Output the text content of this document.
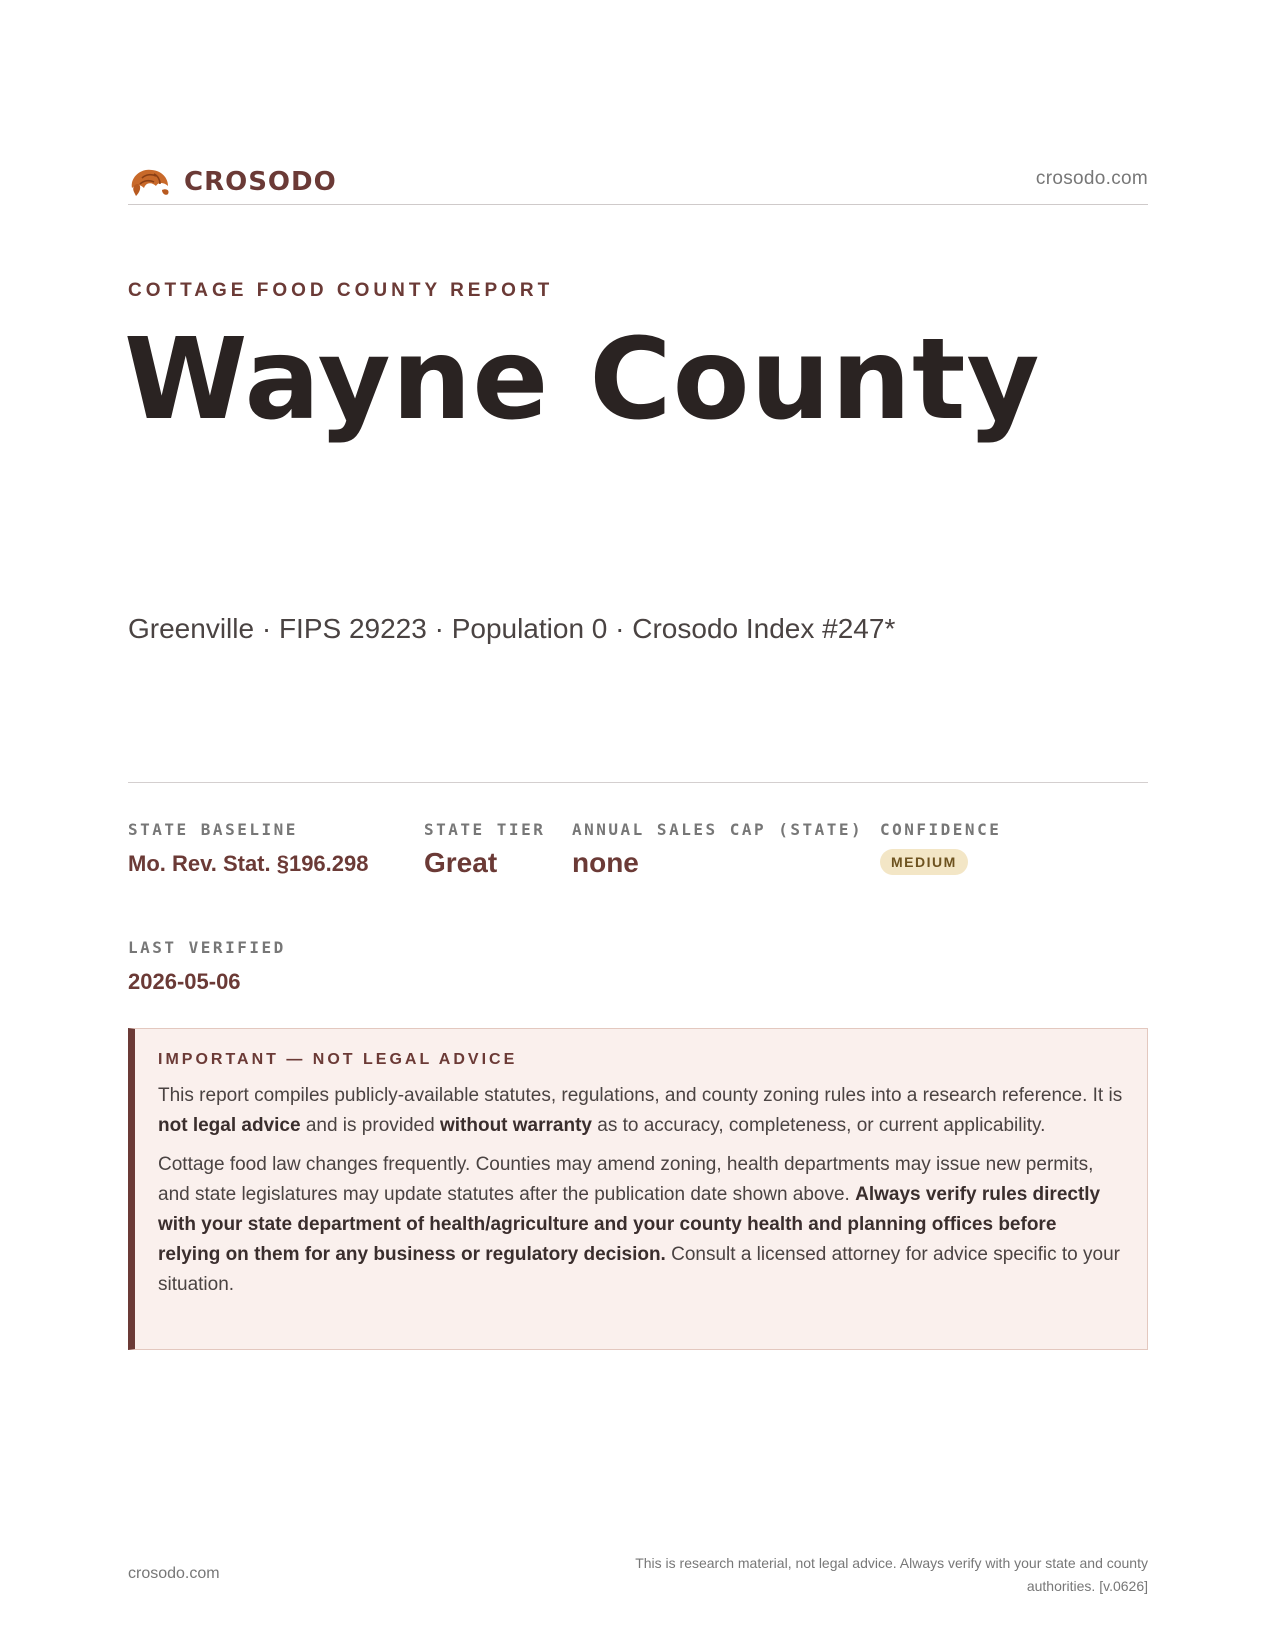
CROSODO	crosodo.com
COTTAGE FOOD COUNTY REPORT
Wayne County
Greenville · FIPS 29223 · Population 0 · Crosodo Index #247*
STATE BASELINE
Mo. Rev. Stat. §196.298
STATE TIER
Great
ANNUAL SALES CAP (STATE)
none
CONFIDENCE
MEDIUM
LAST VERIFIED
2026-05-06
IMPORTANT — NOT LEGAL ADVICE

This report compiles publicly-available statutes, regulations, and county zoning rules into a research reference. It is not legal advice and is provided without warranty as to accuracy, completeness, or current applicability.

Cottage food law changes frequently. Counties may amend zoning, health departments may issue new permits, and state legislatures may update statutes after the publication date shown above. Always verify rules directly with your state department of health/agriculture and your county health and planning offices before relying on them for any business or regulatory decision. Consult a licensed attorney for advice specific to your situation.

crosodo.com
This is research material, not legal advice. Always verify with your state and county authorities. [v.0626]
